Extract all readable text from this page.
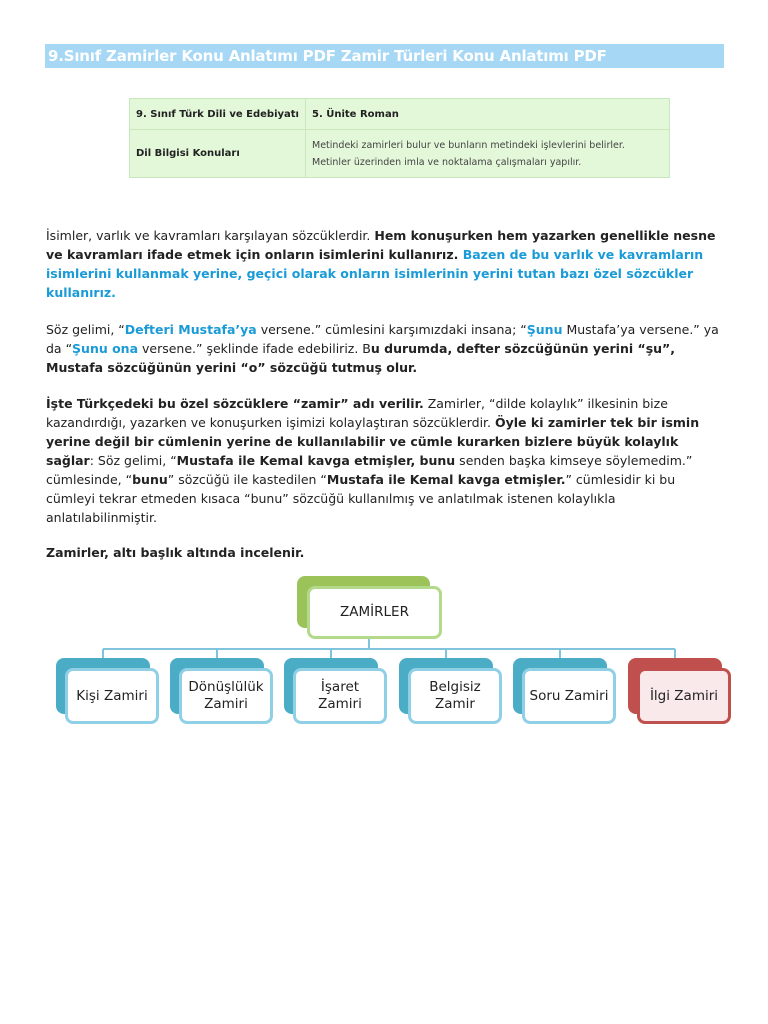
9.Sınıf Zamirler Konu Anlatımı PDF Zamir Türleri Konu Anlatımı PDF
9. Sınıf Türk Dili ve Edebiyatı	5. Ünite Roman
Dil Bilgisi Konuları	Metindeki zamirleri bulur ve bunların metindeki işlevlerini belirler.
Metinler üzerinden imla ve noktalama çalışmaları yapılır.
İsimler, varlık ve kavramları karşılayan sözcüklerdir. Hem konuşurken hem yazarken genellikle nesne ve kavramları ifade etmek için onların isimlerini kullanırız. Bazen de bu varlık ve kavramların isimlerini kullanmak yerine, geçici olarak onların isimlerinin yerini tutan bazı özel sözcükler kullanırız.
Söz gelimi, “Defteri Mustafa’ya versene.” cümlesini karşımızdaki insana; “Şunu Mustafa’ya versene.” ya da “Şunu ona versene.” şeklinde ifade edebiliriz. Bu durumda, defter sözcüğünün yerini “şu”, Mustafa sözcüğünün yerini “o” sözcüğü tutmuş olur.
İşte Türkçedeki bu özel sözcüklere “zamir” adı verilir. Zamirler, “dilde kolaylık” ilkesinin bize kazandırdığı, yazarken ve konuşurken işimizi kolaylaştıran sözcüklerdir. Öyle ki zamirler tek bir ismin yerine değil bir cümlenin yerine de kullanılabilir ve cümle kurarken bizlere büyük kolaylık sağlar: Söz gelimi, “Mustafa ile Kemal kavga etmişler, bunu senden başka kimseye söylemedim.” cümlesinde, “bunu” sözcüğü ile kastedilen “Mustafa ile Kemal kavga etmişler.” cümlesidir ki bu cümleyi tekrar etmeden kısaca “bunu” sözcüğü kullanılmış ve anlatılmak istenen kolaylıkla anlatılabilinmiştir.
Zamirler, altı başlık altında incelenir.
ZAMİRLER
Kişi Zamiri
Dönüşlülük
Zamiri
İşaret
Zamiri
Belgisiz
Zamir
Soru Zamiri	İlgi Zamiri
